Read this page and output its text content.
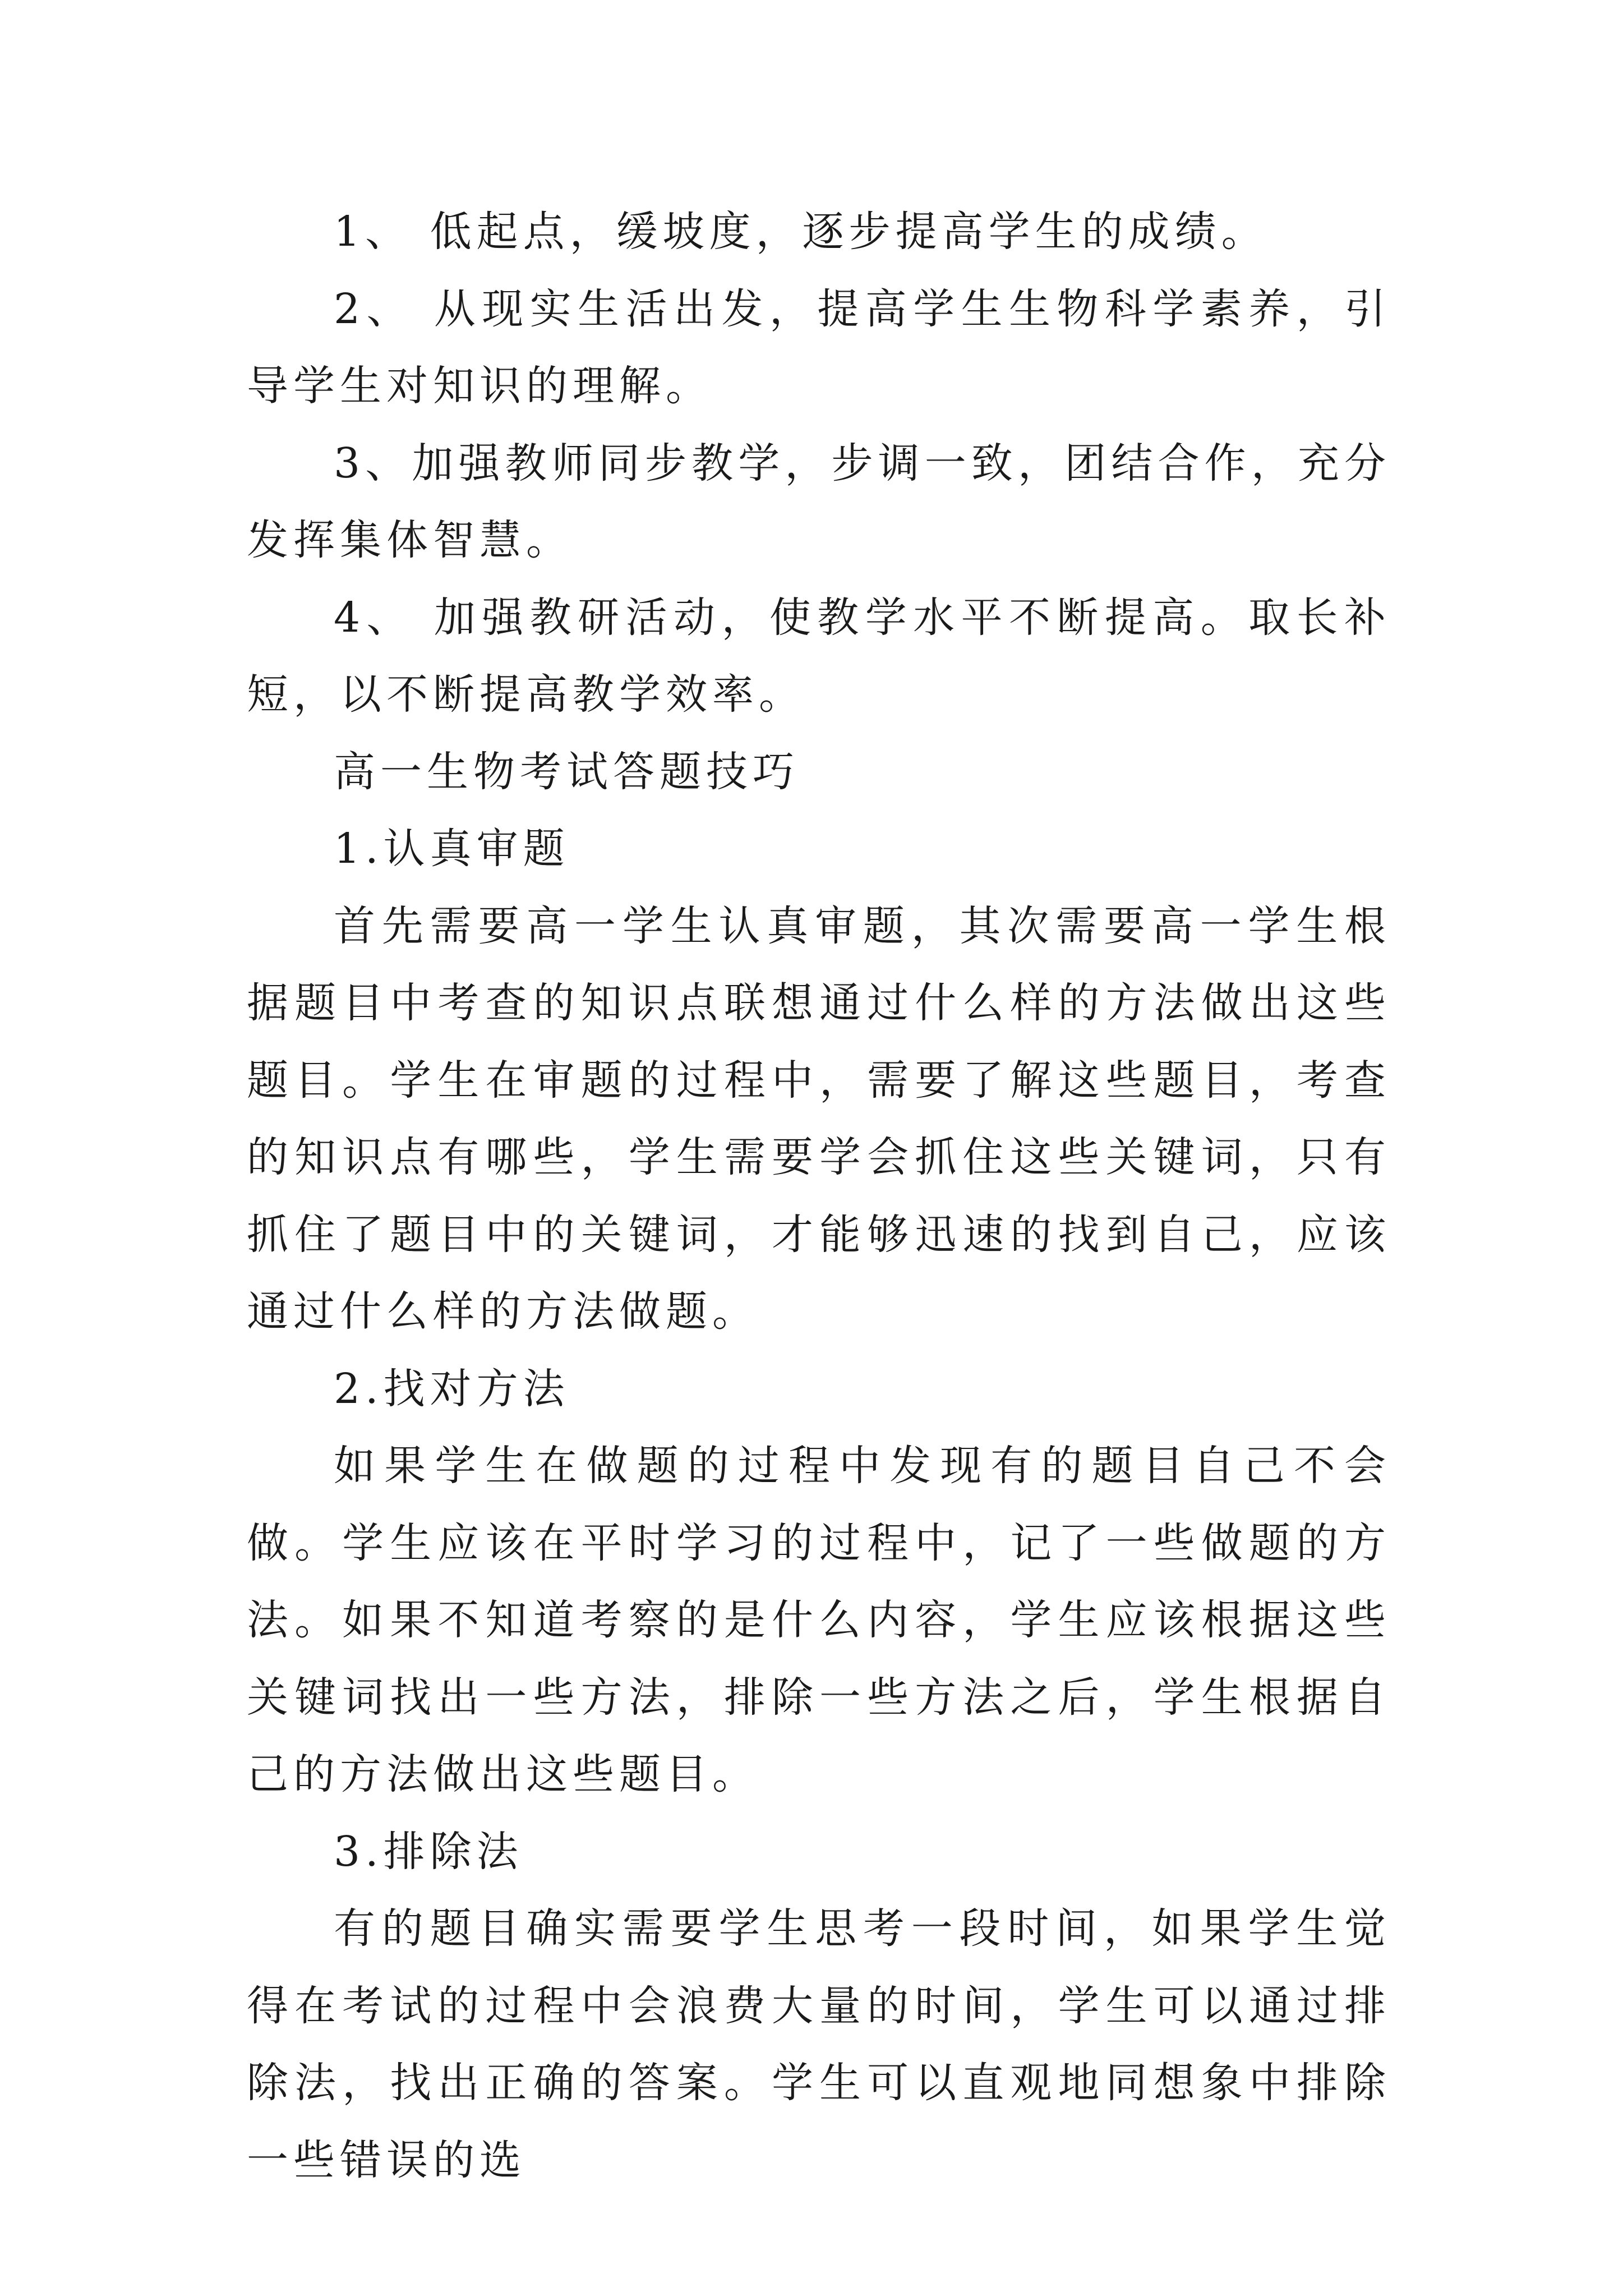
1、 低起点，缓坡度，逐步提高学生的成绩。

2、 从现实生活出发，提高学生生物科学素养，引导学生对知识的理解。

3、加强教师同步教学，步调一致，团结合作，充分发挥集体智慧。

4、 加强教研活动，使教学水平不断提高。取长补短，以不断提高教学效率。

高一生物考试答题技巧

1.认真审题

首先需要高一学生认真审题，其次需要高一学生根据题目中考查的知识点联想通过什么样的方法做出这些题目。学生在审题的过程中，需要了解这些题目，考查的知识点有哪些，学生需要学会抓住这些关键词，只有抓住了题目中的关键词，才能够迅速的找到自己，应该通过什么样的方法做题。

2.找对方法

如果学生在做题的过程中发现有的题目自己不会做。学生应该在平时学习的过程中，记了一些做题的方法。如果不知道考察的是什么内容，学生应该根据这些关键词找出一些方法，排除一些方法之后，学生根据自己的方法做出这些题目。

3.排除法

有的题目确实需要学生思考一段时间，如果学生觉得在考试的过程中会浪费大量的时间，学生可以通过排除法，找出正确的答案。学生可以直观地同想象中排除一些错误的选
